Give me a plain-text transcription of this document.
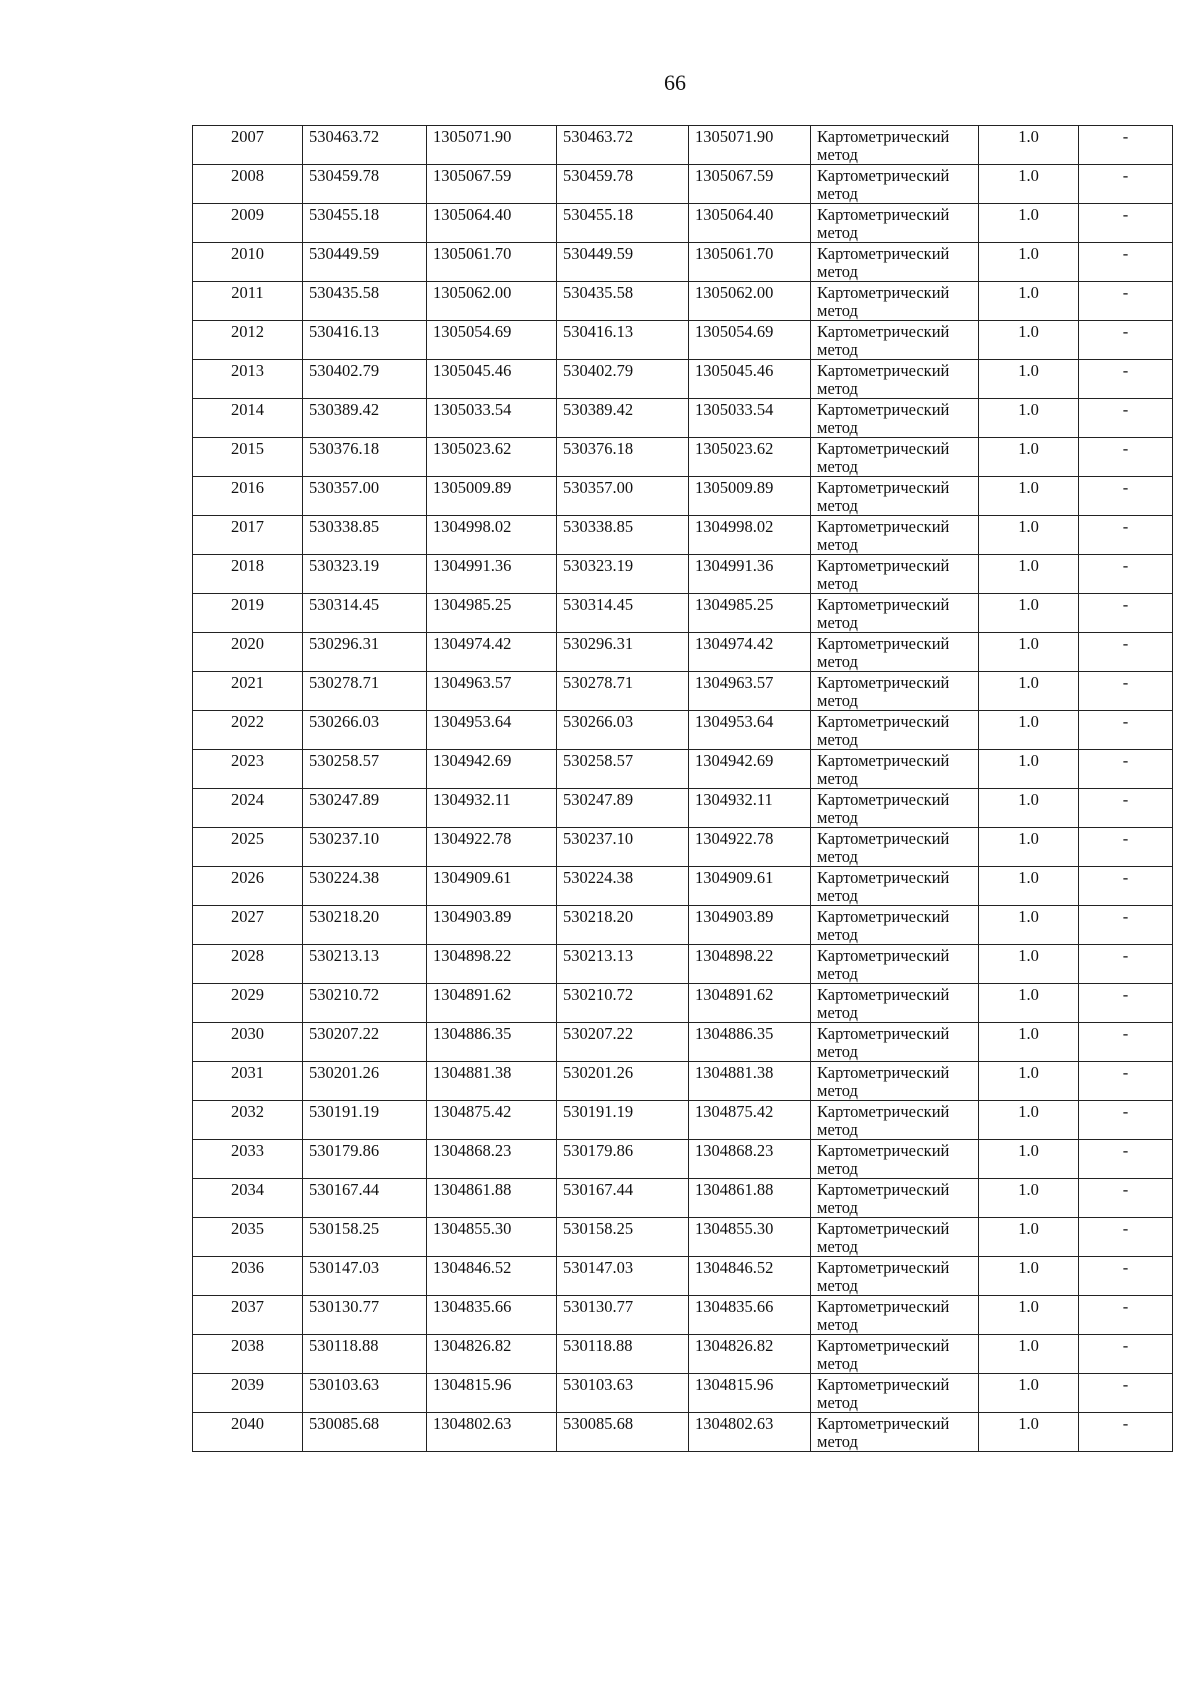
66
2007	530463.72	1305071.90	530463.72	1305071.90	Картометрический метод	1.0	-
2008	530459.78	1305067.59	530459.78	1305067.59	Картометрический метод	1.0	-
2009	530455.18	1305064.40	530455.18	1305064.40	Картометрический метод	1.0	-
2010	530449.59	1305061.70	530449.59	1305061.70	Картометрический метод	1.0	-
2011	530435.58	1305062.00	530435.58	1305062.00	Картометрический метод	1.0	-
2012	530416.13	1305054.69	530416.13	1305054.69	Картометрический метод	1.0	-
2013	530402.79	1305045.46	530402.79	1305045.46	Картометрический метод	1.0	-
2014	530389.42	1305033.54	530389.42	1305033.54	Картометрический метод	1.0	-
2015	530376.18	1305023.62	530376.18	1305023.62	Картометрический метод	1.0	-
2016	530357.00	1305009.89	530357.00	1305009.89	Картометрический метод	1.0	-
2017	530338.85	1304998.02	530338.85	1304998.02	Картометрический метод	1.0	-
2018	530323.19	1304991.36	530323.19	1304991.36	Картометрический метод	1.0	-
2019	530314.45	1304985.25	530314.45	1304985.25	Картометрический метод	1.0	-
2020	530296.31	1304974.42	530296.31	1304974.42	Картометрический метод	1.0	-
2021	530278.71	1304963.57	530278.71	1304963.57	Картометрический метод	1.0	-
2022	530266.03	1304953.64	530266.03	1304953.64	Картометрический метод	1.0	-
2023	530258.57	1304942.69	530258.57	1304942.69	Картометрический метод	1.0	-
2024	530247.89	1304932.11	530247.89	1304932.11	Картометрический метод	1.0	-
2025	530237.10	1304922.78	530237.10	1304922.78	Картометрический метод	1.0	-
2026	530224.38	1304909.61	530224.38	1304909.61	Картометрический метод	1.0	-
2027	530218.20	1304903.89	530218.20	1304903.89	Картометрический метод	1.0	-
2028	530213.13	1304898.22	530213.13	1304898.22	Картометрический метод	1.0	-
2029	530210.72	1304891.62	530210.72	1304891.62	Картометрический метод	1.0	-
2030	530207.22	1304886.35	530207.22	1304886.35	Картометрический метод	1.0	-
2031	530201.26	1304881.38	530201.26	1304881.38	Картометрический метод	1.0	-
2032	530191.19	1304875.42	530191.19	1304875.42	Картометрический метод	1.0	-
2033	530179.86	1304868.23	530179.86	1304868.23	Картометрический метод	1.0	-
2034	530167.44	1304861.88	530167.44	1304861.88	Картометрический метод	1.0	-
2035	530158.25	1304855.30	530158.25	1304855.30	Картометрический метод	1.0	-
2036	530147.03	1304846.52	530147.03	1304846.52	Картометрический метод	1.0	-
2037	530130.77	1304835.66	530130.77	1304835.66	Картометрический метод	1.0	-
2038	530118.88	1304826.82	530118.88	1304826.82	Картометрический метод	1.0	-
2039	530103.63	1304815.96	530103.63	1304815.96	Картометрический метод	1.0	-
2040	530085.68	1304802.63	530085.68	1304802.63	Картометрический метод	1.0	-
